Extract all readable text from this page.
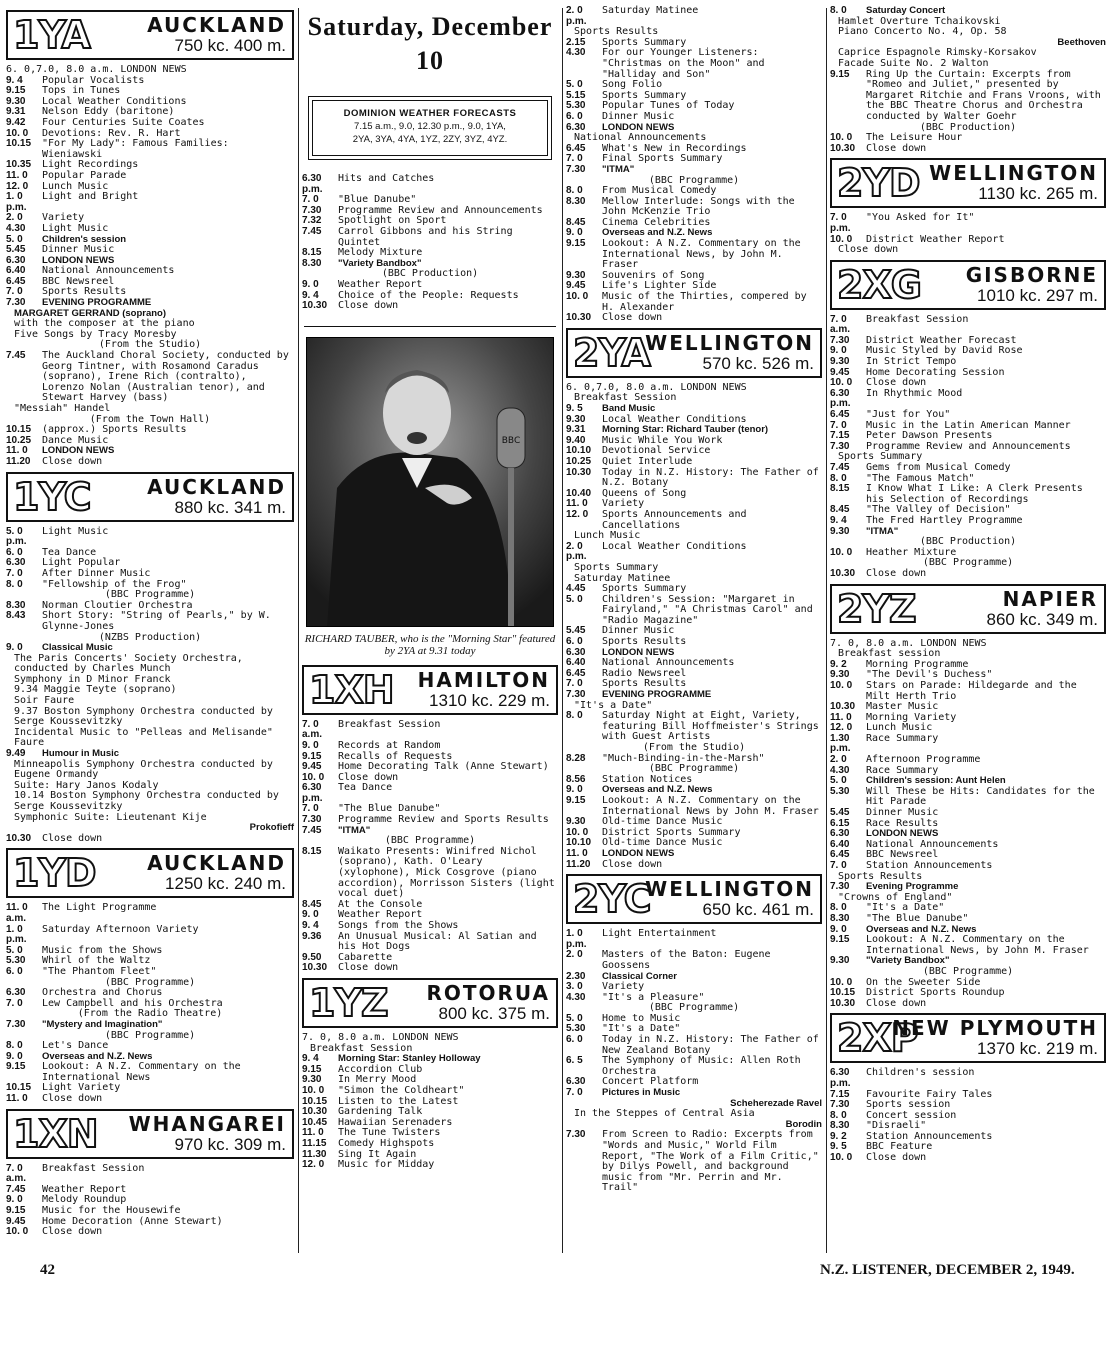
1YA	AUCKLAND
750 kc. 400 m.
6. 0,7.0, 8.0 a.m. LONDON NEWS
9. 4	Popular Vocalists
9.15	Tops in Tunes
9.30	Local Weather Conditions
9.31	Nelson Eddy (baritone)
9.42	Four Centuries Suite Coates
10. 0	Devotions: Rev. R. Hart
10.15	"For My Lady": Famous Families: Wieniawski
10.35	Light Recordings
11. 0	Popular Parade
12. 0	Lunch Music
1. 0 p.m.
Light and Bright
2. 0	Variety
4.30	Light Music
5. 0	Children's session
5.45	Dinner Music
6.30	LONDON NEWS
6.40	National Announcements
6.45	BBC Newsreel
7. 0	Sports Results
7.30	EVENING PROGRAMME
MARGARET GERRAND (soprano)
with the composer at the piano
Five Songs by Tracy Moresby
(From the Studio)
7.45	The Auckland Choral Society, conducted by Georg Tintner, with Rosamond Caradus (soprano), Irene Rich (contralto), Lorenzo Nolan (Australian tenor), and Stewart Harvey (bass)
"Messiah" Handel
(From the Town Hall)
10.15	(approx.) Sports Results
10.25	Dance Music
11. 0	LONDON NEWS
11.20	Close down
1YC	AUCKLAND
880 kc. 341 m.
5. 0 p.m.
Light Music
6. 0	Tea Dance
6.30	Light Popular
7. 0	After Dinner Music
8. 0	"Fellowship of the Frog"
(BBC Programme)
8.30	Norman Cloutier Orchestra
8.43	Short Story: "String of Pearls," by W. Glynne-Jones
(NZBS Production)
9. 0	Classical Music
The Paris Concerts' Society Orchestra, conducted by Charles Munch
Symphony in D Minor Franck
9.34 Maggie Teyte (soprano)
Soir Faure
9.37 Boston Symphony Orchestra conducted by Serge Koussevitzky
Incidental Music to "Pelleas and Melisande" Faure
9.49	Humour in Music
Minneapolis Symphony Orchestra conducted by Eugene Ormandy
Suite: Hary Janos Kodaly
10.14 Boston Symphony Orchestra conducted by Serge Koussevitzky
Symphonic Suite: Lieutenant Kije
Prokofieff
10.30	Close down
1YD	AUCKLAND
1250 kc. 240 m.
11. 0 a.m.
The Light Programme
1. 0 p.m.
Saturday Afternoon Variety
5. 0	Music from the Shows
5.30	Whirl of the Waltz
6. 0	"The Phantom Fleet"
(BBC Programme)
6.30	Orchestra and Chorus
7. 0	Lew Campbell and his Orchestra
(From the Radio Theatre)
7.30	"Mystery and Imagination"
(BBC Programme)
8. 0	Let's Dance
9. 0	Overseas and N.Z. News
9.15	Lookout: A N.Z. Commentary on the International News
10.15	Light Variety
11. 0	Close down
1XN WHANGAREI
970 kc. 309 m.
7. 0 a.m.
Breakfast Session
7.45	Weather Report
9. 0	Melody Roundup
9.15	Music for the Housewife
9.45	Home Decoration (Anne Stewart)
10. 0	Close down
Saturday, December 10
DOMINION WEATHER FORECASTS
7.15 a.m., 9.0, 12.30 p.m., 9.0, 1YA,
2YA, 3YA, 4YA, 1YZ, 2ZY, 3YZ, 4YZ.
6.30 p.m.
Hits and Catches
7. 0	"Blue Danube"
7.30	Programme Review and Announcements
7.32	Spotlight on Sport
7.45	Carrol Gibbons and his String Quintet
8.15	Melody Mixture
8.30	"Variety Bandbox"
(BBC Production)
9. 0	Weather Report
9. 4	Choice of the People: Requests
10.30	Close down
BBC
RICHARD TAUBER, who is the "Morning Star" featured by 2YA at 9.31 today
1XH HAMILTON
1310 kc. 229 m.
7. 0 a.m.
Breakfast Session
9. 0	Records at Random
9.15	Recalls of Requests
9.45	Home Decorating Talk (Anne Stewart)
10. 0	Close down
6.30 p.m.
Tea Dance
7. 0	"The Blue Danube"
7.30	Programme Review and Sports Results
7.45	"ITMA"
(BBC Programme)
8.15	Waikato Presents: Winifred Nichol (soprano), Kath. O'Leary (xylophone), Mick Cosgrove (piano accordion), Morrisson Sisters (light vocal duet)
8.45	At the Console
9. 0	Weather Report
9. 4	Songs from the Shows
9.36	An Unusual Musical: Al Satian and his Hot Dogs
9.50	Cabarette
10.30	Close down
1YZ ROTORUA
800 kc. 375 m.
7. 0, 8.0 a.m. LONDON NEWS
Breakfast Session
9. 4	Morning Star: Stanley Holloway
9.15	Accordion Club
9.30	In Merry Mood
10. 0	"Simon the Coldheart"
10.15	Listen to the Latest
10.30	Gardening Talk
10.45	Hawaiian Serenaders
11. 0	The Tune Twisters
11.15	Comedy Highspots
11.30	Sing It Again
12. 0	Music for Midday
2. 0 p.m.
Saturday Matinee
Sports Results
2.15	Sports Summary
4.30	For our Younger Listeners: "Christmas on the Moon" and "Halliday and Son"
5. 0	Song Folio
5.15	Sports Summary
5.30	Popular Tunes of Today
6. 0	Dinner Music
6.30	LONDON NEWS
National Announcements
6.45	What's New in Recordings
7. 0	Final Sports Summary
7.30	"ITMA"
(BBC Programme)
8. 0	From Musical Comedy
8.30	Mellow Interlude: Songs with the John McKenzie Trio
8.45	Cinema Celebrities
9. 0	Overseas and N.Z. News
9.15	Lookout: A N.Z. Commentary on the International News, by John M. Fraser
9.30	Souvenirs of Song
9.45	Life's Lighter Side
10. 0	Music of the Thirties, compered by H. Alexander
10.30	Close down
2YA
WELLINGTON
570 kc. 526 m.
6. 0,7.0, 8.0 a.m. LONDON NEWS
Breakfast Session
9. 5	Band Music
9.30	Local Weather Conditions
9.31	Morning Star: Richard Tauber (tenor)
9.40	Music While You Work
10.10	Devotional Service
10.25	Quiet Interlude
10.30	Today in N.Z. History: The Father of N.Z. Botany
10.40	Queens of Song
11. 0	Variety
12. 0	Sports Announcements and Cancellations
Lunch Music
2. 0 p.m.
Local Weather Conditions
Sports Summary
Saturday Matinee
4.45	Sports Summary
5. 0	Children's Session: "Margaret in Fairyland," "A Christmas Carol" and "Radio Magazine"
5.45	Dinner Music
6. 0	Sports Results
6.30	LONDON NEWS
6.40	National Announcements
6.45	Radio Newsreel
7. 0	Sports Results
7.30	EVENING PROGRAMME
"It's a Date"
8. 0	Saturday Night at Eight, Variety, featuring Bill Hoffmeister's Strings with Guest Artists
(From the Studio)
8.28	"Much-Binding-in-the-Marsh"
(BBC Programme)
8.56	Station Notices
9. 0	Overseas and N.Z. News
9.15	Lookout: A N.Z. Commentary on the International News by John M. Fraser
9.30	Old-time Dance Music
10. 0	District Sports Summary
10.10	Old-time Dance Music
11. 0	LONDON NEWS
11.20	Close down
2YC
WELLINGTON
650 kc. 461 m.
1. 0 p.m.
Light Entertainment
2. 0	Masters of the Baton: Eugene Goossens
2.30	Classical Corner
3. 0	Variety
4.30	"It's a Pleasure"
(BBC Programme)
5. 0	Home to Music
5.30	"It's a Date"
6. 0	Today in N.Z. History: The Father of New Zealand Botany
6. 5	The Symphony of Music: Allen Roth Orchestra
6.30	Concert Platform
7. 0	Pictures in Music
Scheherezade Ravel
In the Steppes of Central Asia
Borodin
7.30	From Screen to Radio: Excerpts from "Words and Music," World Film Report, "The Work of a Film Critic," by Dilys Powell, and background music from "Mr. Perrin and Mr. Trail"
8. 0	Saturday Concert
Hamlet Overture Tchaikovski
Piano Concerto No. 4, Op. 58
Beethoven
Caprice Espagnole Rimsky-Korsakov
Facade Suite No. 2 Walton
9.15	Ring Up the Curtain: Excerpts from "Romeo and Juliet," presented by Margaret Ritchie and Frans Vroons, with the BBC Theatre Chorus and Orchestra conducted by Walter Goehr
(BBC Production)
10. 0	The Leisure Hour
10.30	Close down
2YD WELLINGTON
1130 kc. 265 m.
7. 0 p.m.
"You Asked for It"
10. 0	District Weather Report
Close down
2XG GISBORNE
1010 kc. 297 m.
7. 0 a.m.
Breakfast Session
7.30	District Weather Forecast
9. 0	Music Styled by David Rose
9.30	In Strict Tempo
9.45	Home Decorating Session
10. 0	Close down
6.30 p.m.
In Rhythmic Mood
6.45	"Just for You"
7. 0	Music in the Latin American Manner
7.15	Peter Dawson Presents
7.30	Programme Review and Announcements
Sports Summary
7.45	Gems from Musical Comedy
8. 0	"The Famous Match"
8.15	I Know What I Like: A Clerk Presents his Selection of Recordings
8.45	"The Valley of Decision"
9. 4	The Fred Hartley Programme
9.30	"ITMA"
(BBC Production)
10. 0	Heather Mixture
(BBC Programme)
10.30	Close down
2YZ	NAPIER
860 kc. 349 m.
7. 0, 8.0 a.m. LONDON NEWS
Breakfast session
9. 2	Morning Programme
9.30	"The Devil's Duchess"
10. 0	Stars on Parade: Hildegarde and the Milt Herth Trio
10.30	Master Music
11. 0	Morning Variety
12. 0	Lunch Music
1.30 p.m.
Race Summary
2. 0	Afternoon Programme
4.30	Race Summary
5. 0	Children's session: Aunt Helen
5.30	Will These be Hits: Candidates for the Hit Parade
5.45	Dinner Music
6.15	Race Results
6.30	LONDON NEWS
6.40	National Announcements
6.45	BBC Newsreel
7. 0	Station Announcements
Sports Results
7.30	Evening Programme
"Crowns of England"
8. 0	"It's a Date"
8.30	"The Blue Danube"
9. 0	Overseas and N.Z. News
9.15	Lookout: A N.Z. Commentary on the International News, by John M. Fraser
9.30	"Variety Bandbox"
(BBC Programme)
10. 0	On the Sweeter Side
10.15	District Sports Roundup
10.30	Close down
2XP
NEW PLYMOUTH
1370 kc. 219 m.
6.30 p.m.
Children's session
7.15	Favourite Fairy Tales
7.30	Sports session
8. 0	Concert session
8.30	"Disraeli"
9. 2	Station Announcements
9. 5	BBC Feature
10. 0	Close down
42	N.Z. LISTENER, DECEMBER 2, 1949.
